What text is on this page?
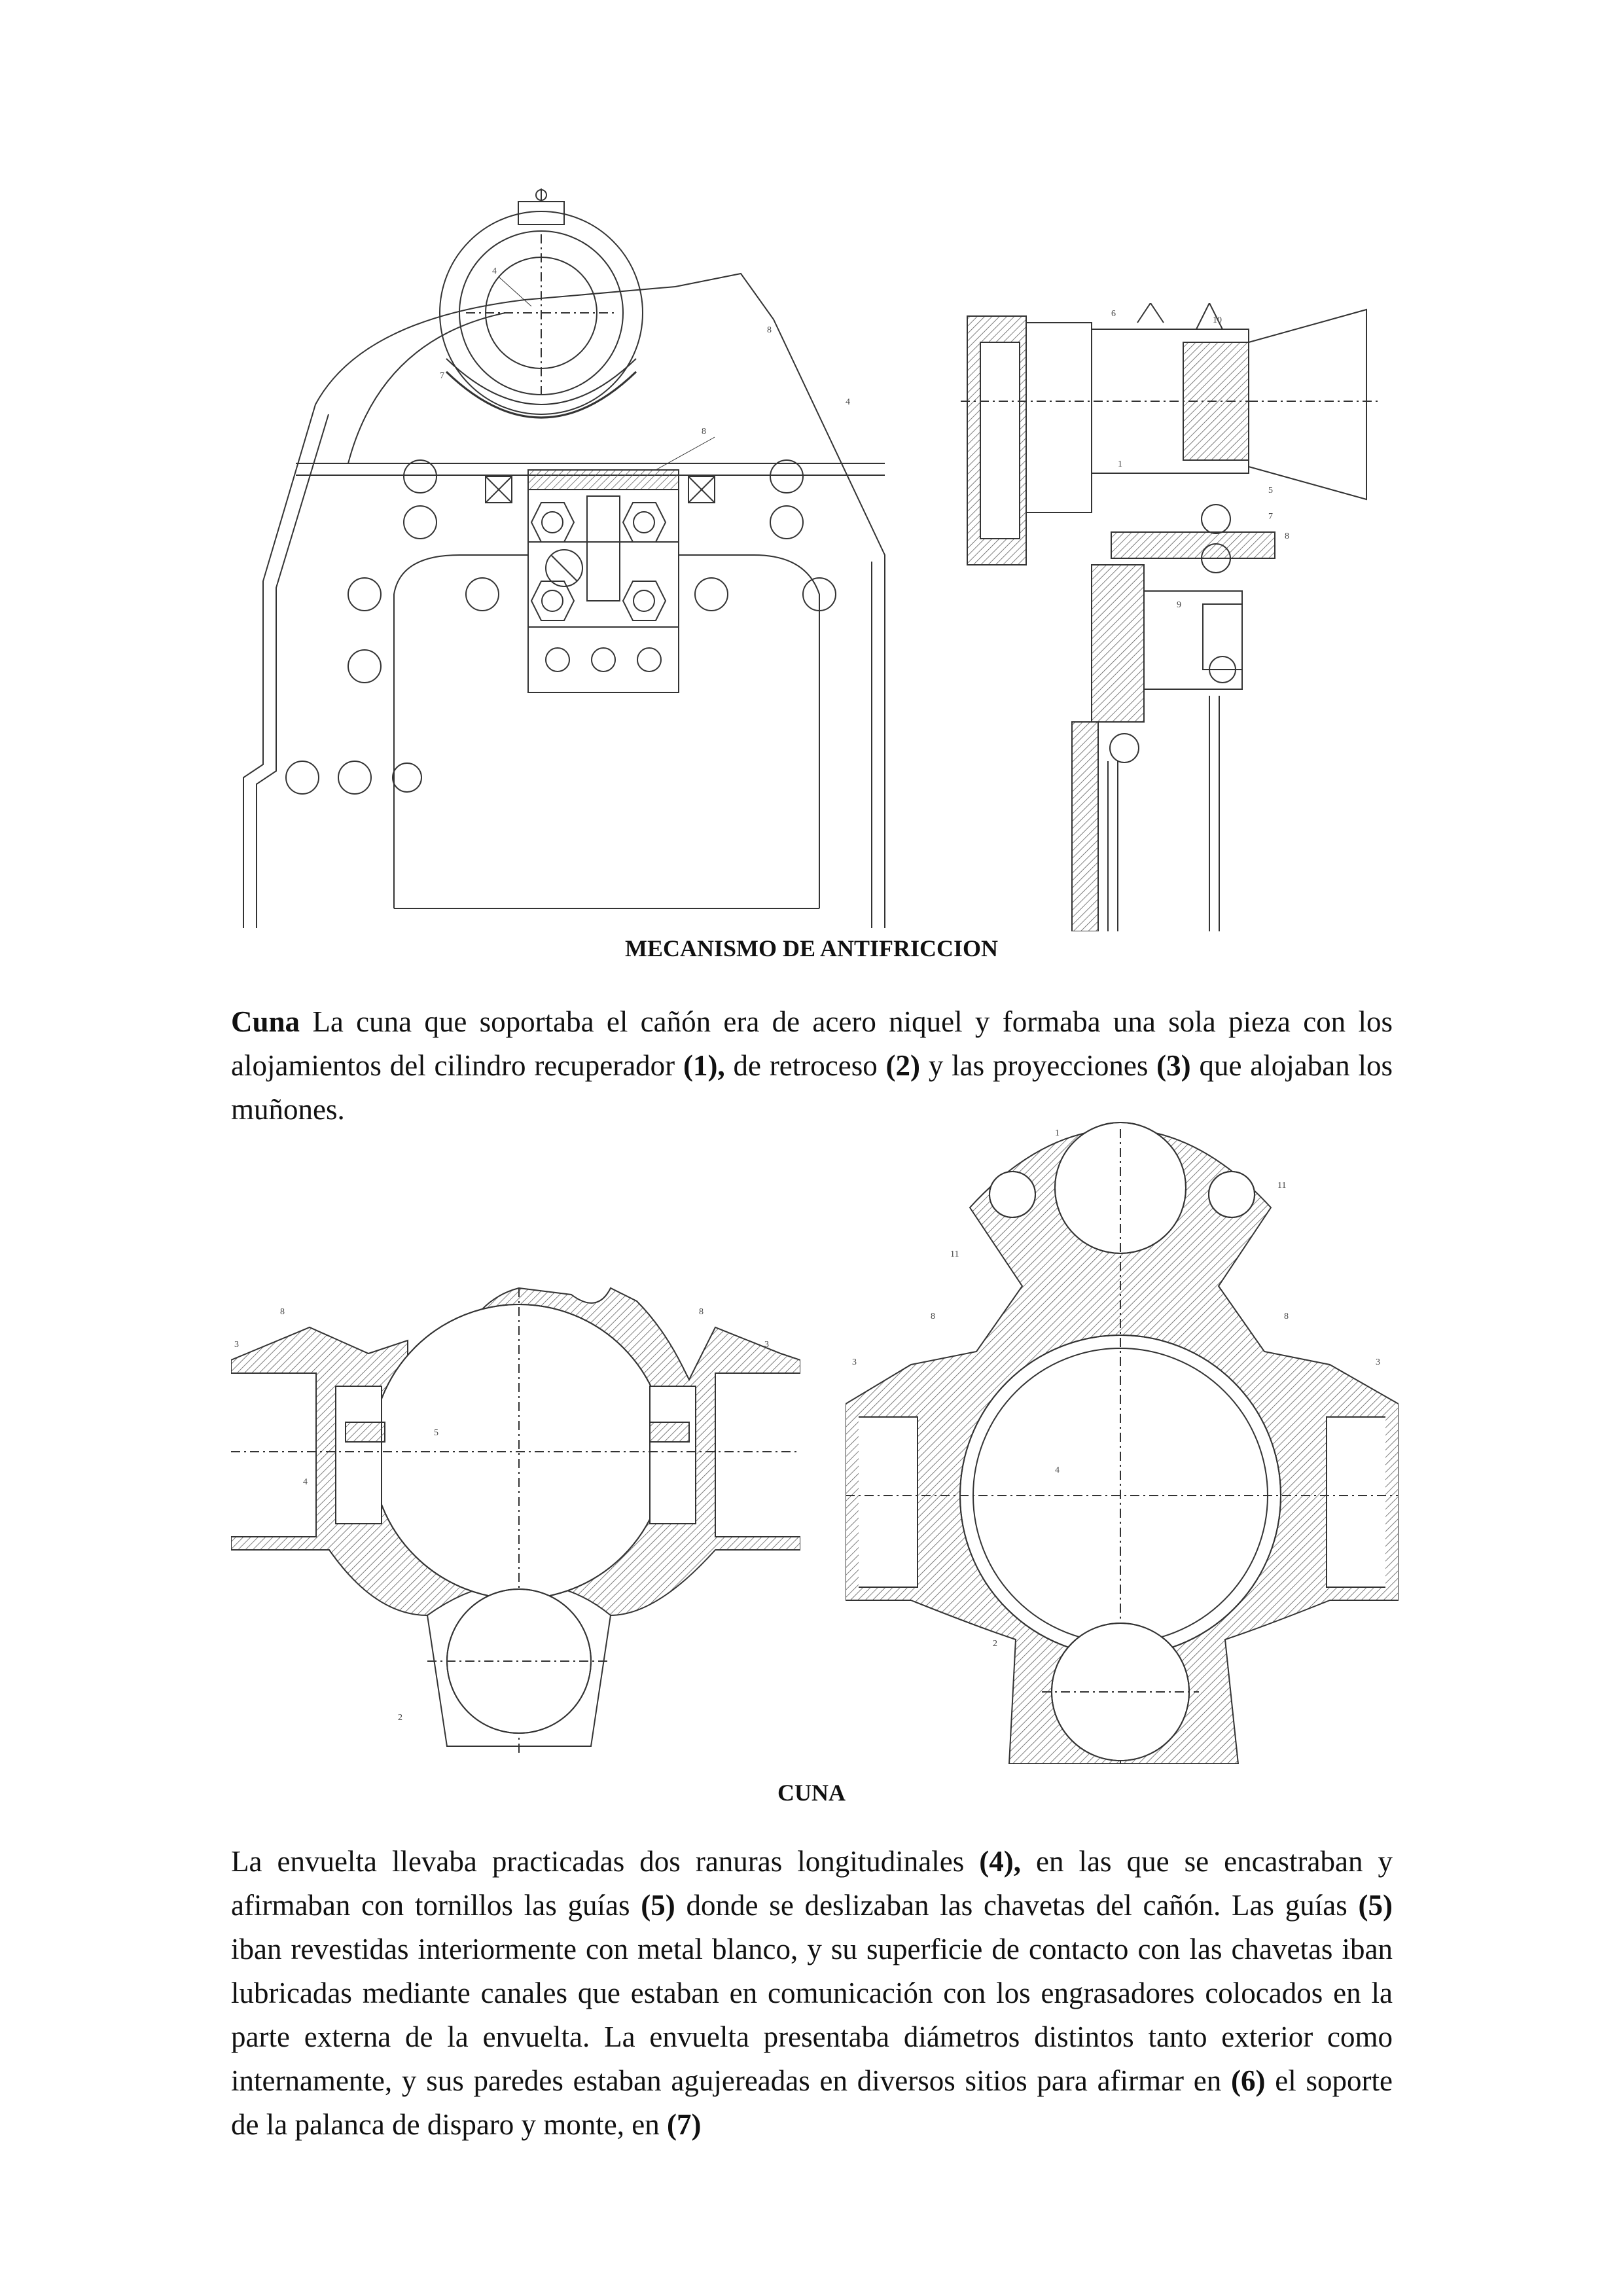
4
8
7
4
8
6
10
5
7
8
9
1
MECANISMO DE ANTIFRICCION

Cuna La cuna que soportaba el cañón era de acero niquel y formaba una sola pieza con los alojamientos del cilindro recuperador (1), de retroceso (2) y las proyecciones (3) que alojaban los muñones.

8	8
3	3
5
4
2
1
11
11
8	8
3	3
4
2
CUNA

La envuelta llevaba practicadas dos ranuras longitudinales (4), en las que se encastraban y afirmaban con tornillos las guías (5) donde se deslizaban las chavetas del cañón. Las guías (5) iban revestidas interiormente con metal blanco, y su superficie de contacto con las chavetas iban lubricadas mediante canales que estaban en comunicación con los engrasadores colocados en la parte externa de la envuelta. La envuelta presentaba diámetros distintos tanto exterior como internamente, y sus paredes estaban agujereadas en diversos sitios para afirmar en (6) el soporte de la palanca de disparo y monte, en (7)
